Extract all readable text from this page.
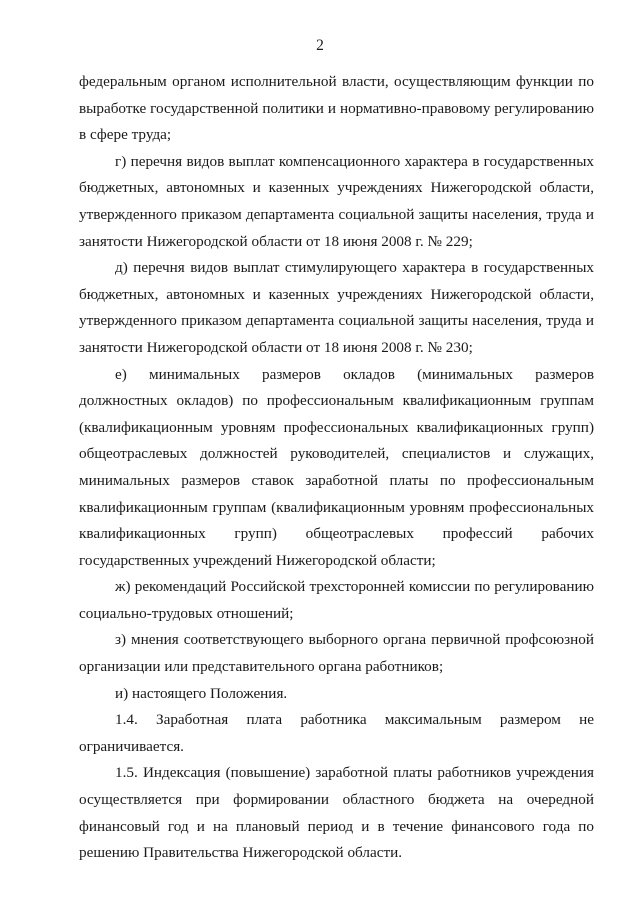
2

федеральным органом исполнительной власти, осуществляющим функции по выработке государственной политики и нормативно-правовому регулированию в сфере труда;

г) перечня видов выплат компенсационного характера в государственных бюджетных, автономных и казенных учреждениях Нижегородской области, утвержденного приказом департамента социальной защиты населения, труда и занятости Нижегородской области от 18 июня 2008 г. № 229;

д) перечня видов выплат стимулирующего характера в государственных бюджетных, автономных и казенных учреждениях Нижегородской области, утвержденного приказом департамента социальной защиты населения, труда и занятости Нижегородской области от 18 июня 2008 г. № 230;

е) минимальных размеров окладов (минимальных размеров должностных окладов) по профессиональным квалификационным группам (квалификационным уровням профессиональных квалификационных групп) общеотраслевых должностей руководителей, специалистов и служащих, минимальных размеров ставок заработной платы по профессиональным квалификационным группам (квалификационным уровням профессиональных квалификационных групп) общеотраслевых профессий рабочих государственных учреждений Нижегородской области;

ж) рекомендаций Российской трехсторонней комиссии по регулированию социально-трудовых отношений;

з) мнения соответствующего выборного органа первичной профсоюзной организации или представительного органа работников;

и) настоящего Положения.

1.4. Заработная плата работника максимальным размером не ограничивается.

1.5. Индексация (повышение) заработной платы работников учреждения осуществляется при формировании областного бюджета на очередной финансовый год и на плановый период и в течение финансового года по решению Правительства Нижегородской области.
